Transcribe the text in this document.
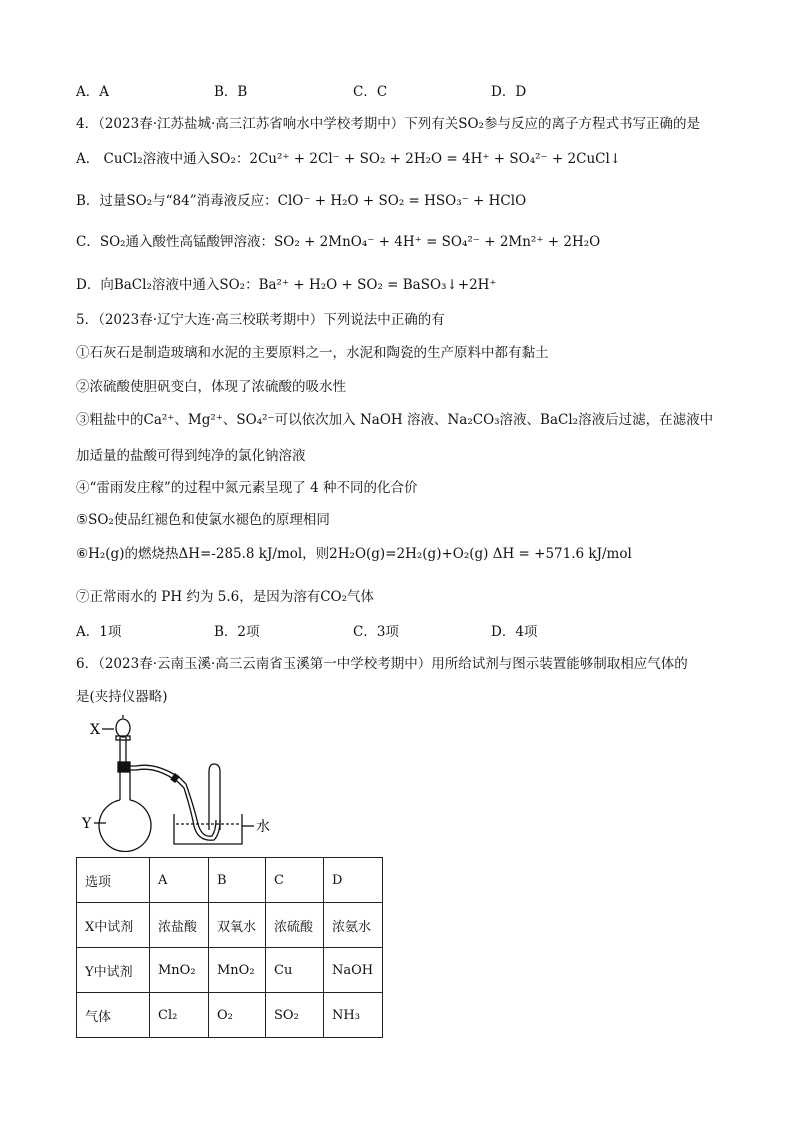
A．A	B．B	C．C	D．D
4．（2023春·江苏盐城·高三江苏省响水中学校考期中）下列有关SO₂参与反应的离子方程式书写正确的是
A． CuCl₂溶液中通入SO₂：2Cu²⁺ + 2Cl⁻ + SO₂ + 2H₂O = 4H⁺ + SO₄²⁻ + 2CuCl↓
B．过量SO₂与“84”消毒液反应：ClO⁻ + H₂O + SO₂ = HSO₃⁻ + HClO
C．SO₂通入酸性高锰酸钾溶液：SO₂ + 2MnO₄⁻ + 4H⁺ = SO₄²⁻ + 2Mn²⁺ + 2H₂O
D．向BaCl₂溶液中通入SO₂：Ba²⁺ + H₂O + SO₂ = BaSO₃↓+2H⁺
5．（2023春·辽宁大连·高三校联考期中）下列说法中正确的有
①石灰石是制造玻璃和水泥的主要原料之一，水泥和陶瓷的生产原料中都有黏土
②浓硫酸使胆矾变白，体现了浓硫酸的吸水性
③粗盐中的Ca²⁺、Mg²⁺、SO₄²⁻可以依次加入 NaOH 溶液、Na₂CO₃溶液、BaCl₂溶液后过滤，在滤液中
加适量的盐酸可得到纯净的氯化钠溶液
④“雷雨发庄稼”的过程中氮元素呈现了 4 种不同的化合价
⑤SO₂使品红褪色和使氯水褪色的原理相同
⑥H₂(g)的燃烧热ΔH=-285.8 kJ/mol，则2H₂O(g)=2H₂(g)+O₂(g) ΔH = +571.6 kJ/mol
⑦正常雨水的 PH 约为 5.6，是因为溶有CO₂气体
A．1项	B．2项	C．3项	D．4项
6．（2023春·云南玉溪·高三云南省玉溪第一中学校考期中）用所给试剂与图示装置能够制取相应气体的
是(夹持仪器略)
X
Y	水
选项	A	B	C	D
X中试剂	浓盐酸	双氧水	浓硫酸	浓氨水
Y中试剂	MnO₂	MnO₂	Cu	NaOH
气体	Cl₂	O₂	SO₂	NH₃
